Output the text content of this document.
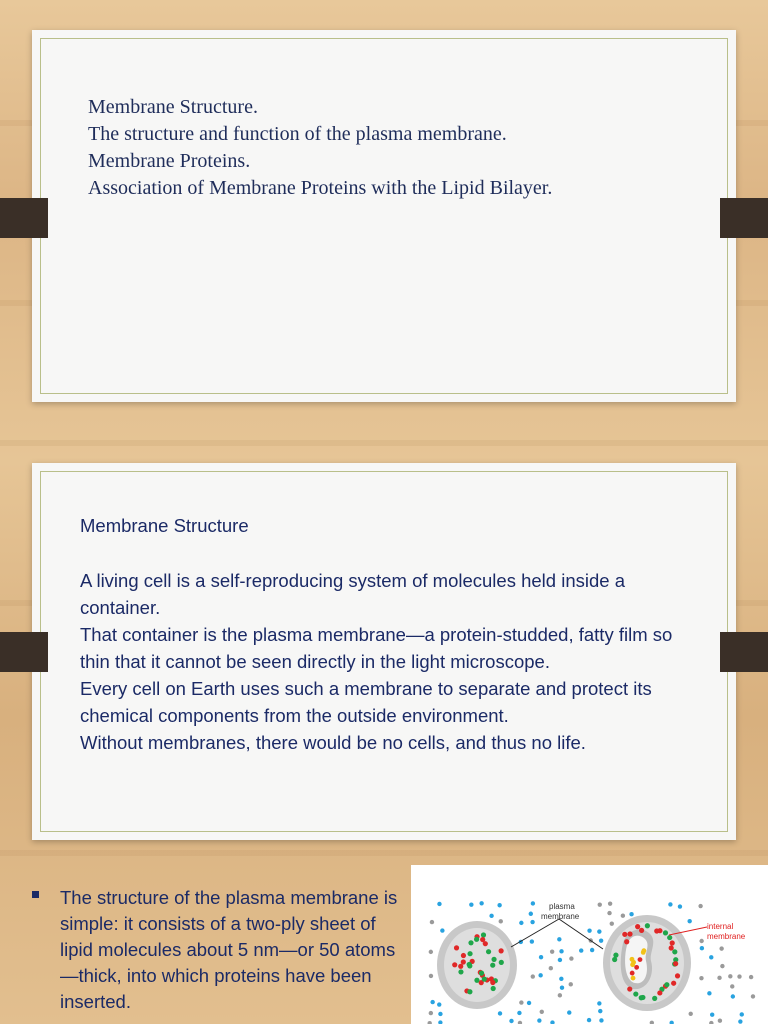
Membrane Structure.
The structure and function of the plasma membrane.
Membrane Proteins.
Association of Membrane Proteins with the Lipid Bilayer.
Membrane Structure
A living cell is a self-reproducing system of molecules held inside a container.
That container is the plasma membrane—a protein-studded, fatty film so thin that it cannot be seen directly in the light microscope.
Every cell on Earth uses such a membrane to separate and protect its chemical components from the outside environment.
Without membranes, there would be no cells, and thus no life.
The structure of the plasma membrane is simple: it consists of a two-ply sheet of lipid molecules about 5 nm—or 50 atoms—thick, into which proteins have been inserted.
plasma
membrane
internal
membrane
